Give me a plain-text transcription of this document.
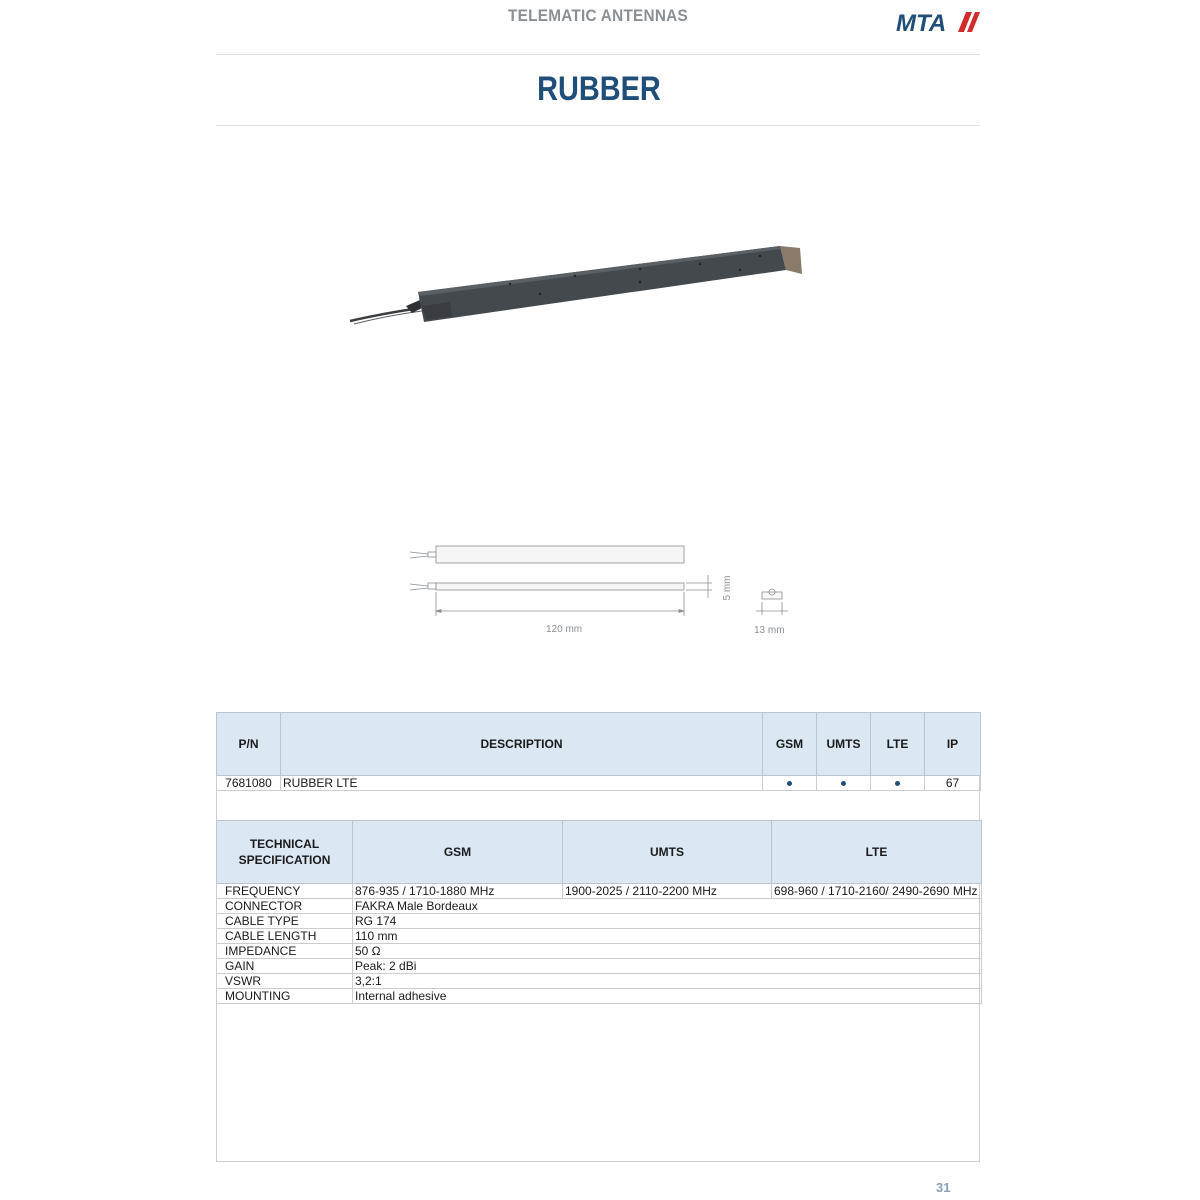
TELEMATIC ANTENNAS	MTA
RUBBER
120 mm
5 mm
13 mm
P/N	DESCRIPTION	GSM	UMTS	LTE	IP
7681080	RUBBER LTE				67
TECHNICAL
SPECIFICATION	GSM	UMTS	LTE
FREQUENCY	876-935 / 1710-1880 MHz	1900-2025 / 2110-2200 MHz	698-960 / 1710-2160/ 2490-2690 MHz
CONNECTOR	FAKRA Male Bordeaux		
CABLE TYPE	RG 174		
CABLE LENGTH	110 mm		
IMPEDANCE	50 Ω		
GAIN	Peak: 2 dBi		
VSWR	3,2:1		
MOUNTING	Internal adhesive		
31
